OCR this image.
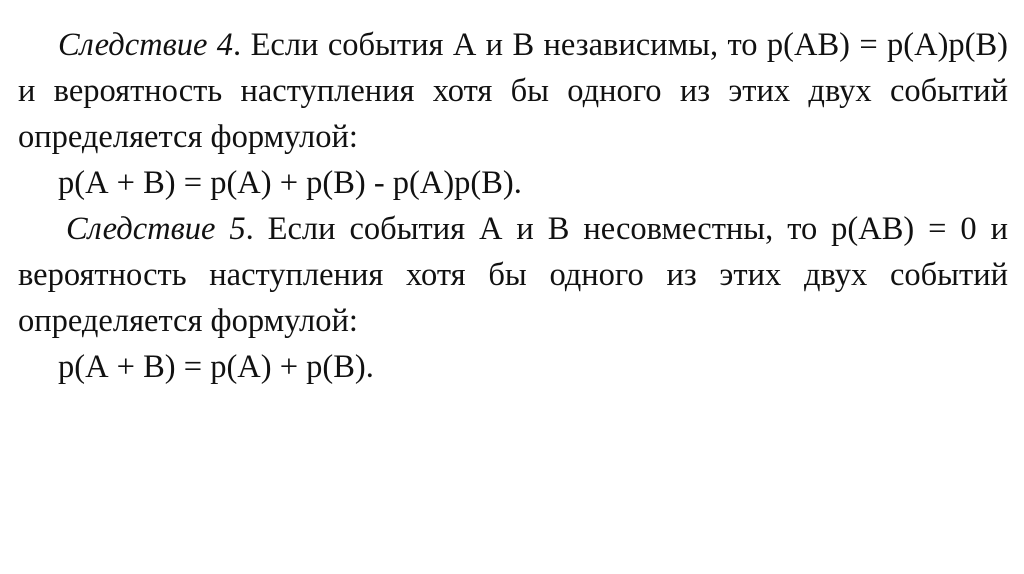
Следствие 4. Если события А и В независимы, то р(АВ) = р(А)р(В) и вероятность наступления хотя бы одного из этих двух событий определяется формулой:

р(А + В) = р(А) + р(В) - р(А)р(В).

Следствие 5. Если события А и В несовместны, то р(АВ) = 0 и вероятность наступления хотя бы одного из этих двух событий определяется формулой:

р(А + В) = р(А) + р(В).
